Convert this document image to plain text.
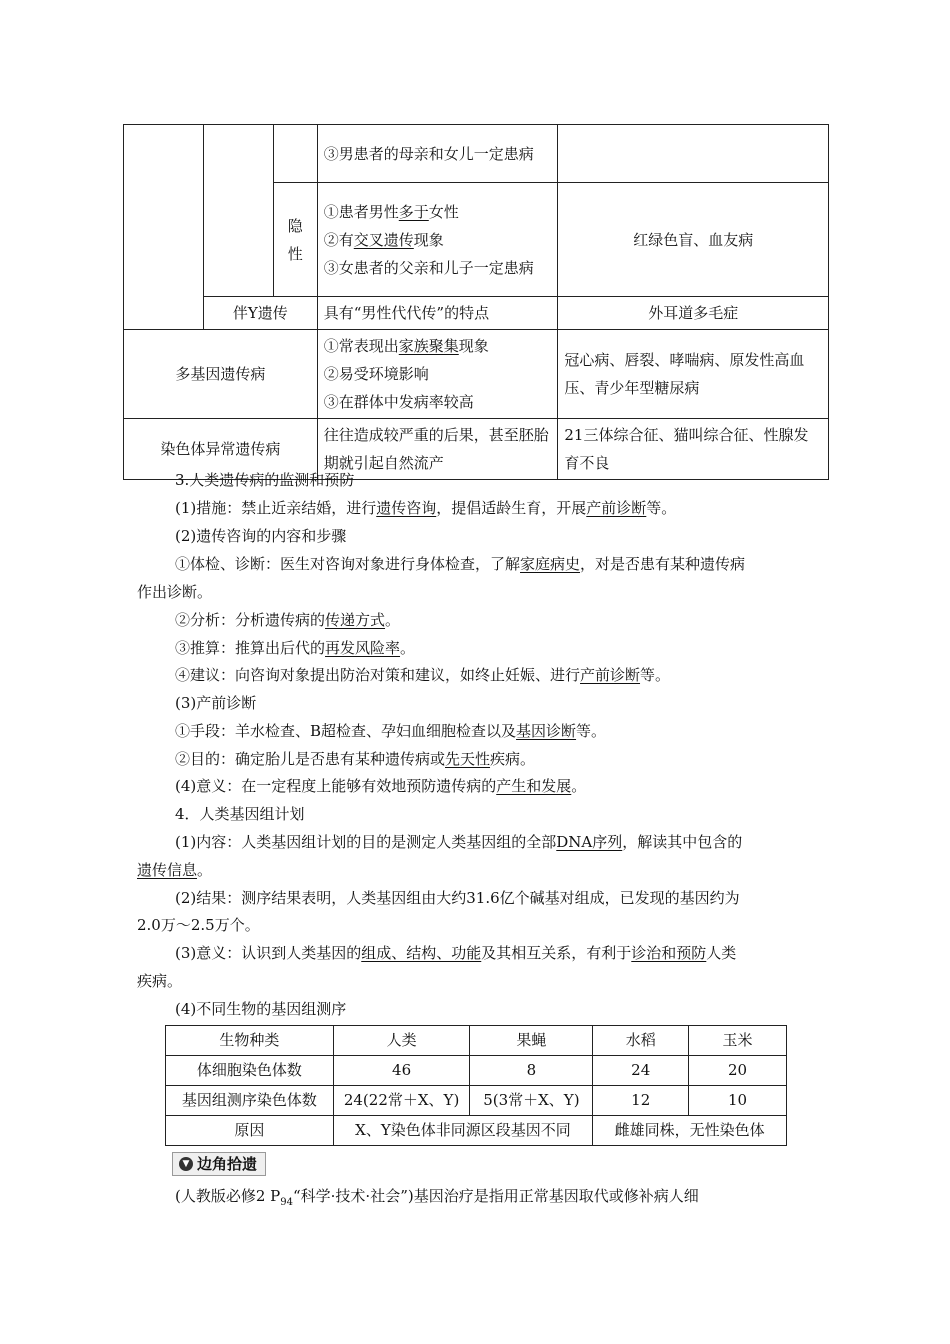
			③男患者的母亲和女儿一定患病	
		隐性	①患者男性多于女性
②有交叉遗传现象
③女患者的父亲和儿子一定患病	红绿色盲、血友病
	伴Y遗传		具有“男性代代传”的特点	外耳道多毛症
多基因遗传病			①常表现出家族聚集现象
②易受环境影响
③在群体中发病率较高	冠心病、唇裂、哮喘病、原发性高血压、青少年型糖尿病
染色体异常遗传病			往往造成较严重的后果，甚至胚胎期就引起自然流产	21三体综合征、猫叫综合征、性腺发育不良

3.人类遗传病的监测和预防

(1)措施：禁止近亲结婚，进行遗传咨询，提倡适龄生育，开展产前诊断等。

(2)遗传咨询的内容和步骤

①体检、诊断：医生对咨询对象进行身体检查，了解家庭病史，对是否患有某种遗传病

作出诊断。

②分析：分析遗传病的传递方式。

③推算：推算出后代的再发风险率。

④建议：向咨询对象提出防治对策和建议，如终止妊娠、进行产前诊断等。

(3)产前诊断

①手段：羊水检查、B超检查、孕妇血细胞检查以及基因诊断等。

②目的：确定胎儿是否患有某种遗传病或先天性疾病。

(4)意义：在一定程度上能够有效地预防遗传病的产生和发展。

4．人类基因组计划

(1)内容：人类基因组计划的目的是测定人类基因组的全部DNA序列，解读其中包含的

遗传信息。

(2)结果：测序结果表明，人类基因组由大约31.6亿个碱基对组成，已发现的基因约为

2.0万～2.5万个。

(3)意义：认识到人类基因的组成、结构、功能及其相互关系，有利于诊治和预防人类

疾病。

(4)不同生物的基因组测序

生物种类	人类	果蝇	水稻	玉米
体细胞染色体数	46	8	24	20
基因组测序染色体数	24(22常＋X、Y)	5(3常＋X、Y)	12	10
原因	X、Y染色体非同源区段基因不同		雌雄同株，无性染色体	
▼ 边角拾遗

(人教版必修2 $P_{94}“$科学·技术·社会”)基因治疗是指用正常基因取代或修补病人细
